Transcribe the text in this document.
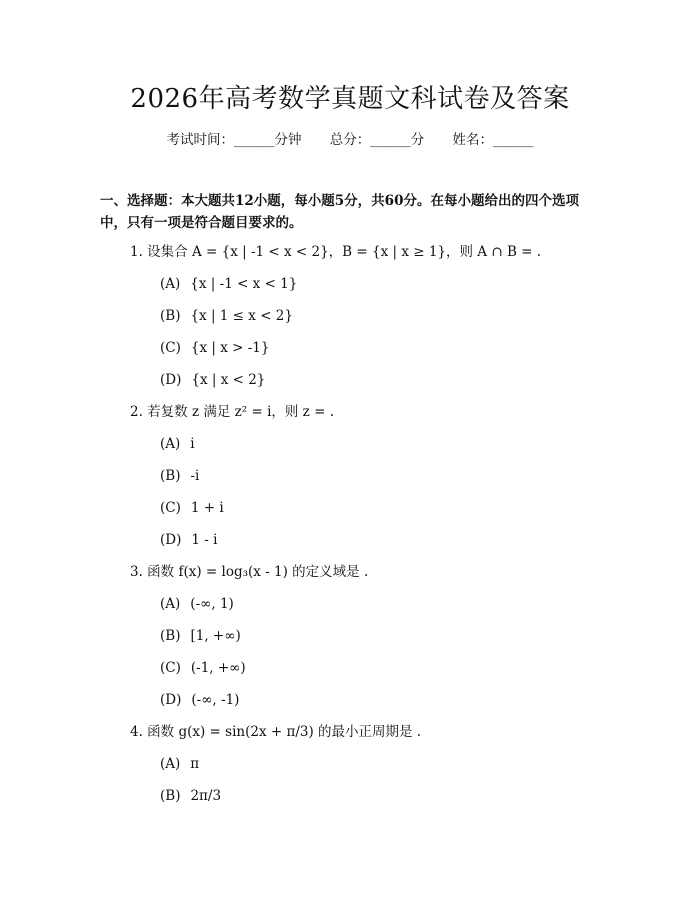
2026年高考数学真题文科试卷及答案
考试时间：______分钟 总分：______分 姓名：______
一、选择题：本大题共12小题，每小题5分，共60分。在每小题给出的四个选项中，只有一项是符合题目要求的。
1. 设集合 A = {x | -1 < x < 2}，B = {x | x ≥ 1}，则 A ∩ B = .
(A) {x | -1 < x < 1}
(B) {x | 1 ≤ x < 2}
(C) {x | x > -1}
(D) {x | x < 2}
2. 若复数 z 满足 z² = i，则 z = .
(A) i
(B) -i
(C) 1 + i
(D) 1 - i
3. 函数 f(x) = log₃(x - 1) 的定义域是 .
(A) (-∞, 1)
(B) [1, +∞)
(C) (-1, +∞)
(D) (-∞, -1)
4. 函数 g(x) = sin(2x + π/3) 的最小正周期是 .
(A) π
(B) 2π/3
